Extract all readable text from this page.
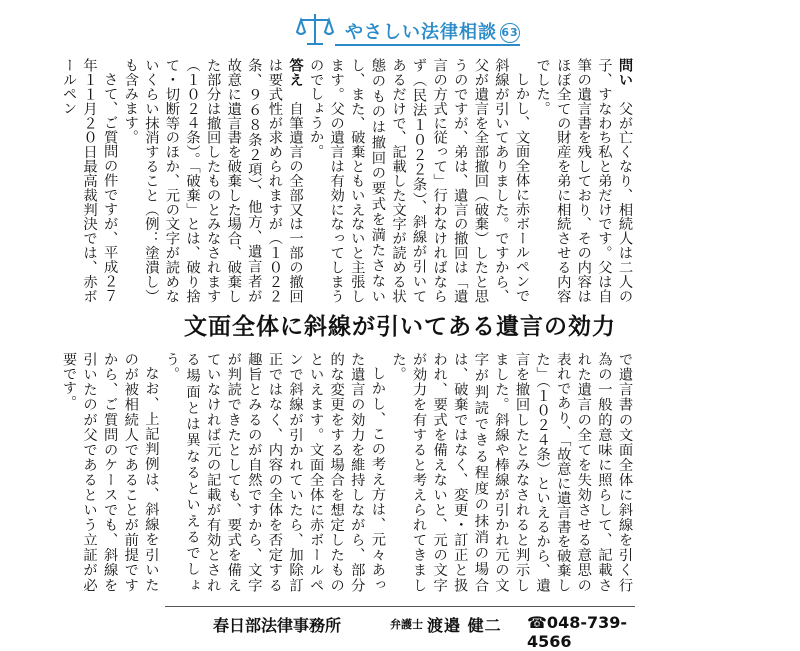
やさしい法律相談 63

問い　父が亡くなり、相続人は二人の子、すなわち私と弟だけです。父は自筆の遺言書を残しており、その内容はほぼ全ての財産を弟に相続させる内容でした。

しかし、文面全体に赤ボールペンで斜線が引いてありました。ですから、父が遺言を全部撤回（破棄）したと思うのですが、弟は、遺言の撤回は「遺言の方式に従って」行わなければならず（民法１０２２条）、斜線が引いてあるだけで、記載した文字が読める状態のものは撤回の要式を満たさないし、また、破棄ともいえないと主張します。父の遺言は有効になってしまうのでしょうか。

答え　自筆遺言の全部又は一部の撤回は要式性が求められますが（１０２２条、９６８条２項）、他方、遺言者が故意に遺言書を破棄した場合、破棄した部分は撤回したものとみなされます（１０２４条）。「破棄」とは、破り捨て・切断等のほか、元の文字が読めないくらい抹消すること（例：塗潰し）も含みます。

さて、ご質問の件ですが、平成２７年１１月２０日最高裁判決では、赤ボールペン

文面全体に斜線が引いてある遺言の効力

で遺言書の文面全体に斜線を引く行為の一般的意味に照らして、記載された遺言の全てを失効させる意思の表れであり、「故意に遺言書を破棄した」（１０２４条）といえるから、遺言を撤回したとみなされると判示しました。斜線や棒線が引かれ元の文字が判読できる程度の抹消の場合は、破棄ではなく、変更・訂正と扱われ、要式を備えないと、元の文字が効力を有すると考えられてきました。

しかし、この考え方は、元々あった遺言の効力を維持しながら、部分的な変更をする場合を想定したものといえます。文面全体に赤ボールペンで斜線が引かれていたら、加除訂正ではなく、内容の全体を否定する趣旨とみるのが自然ですから、文字が判読できたとしても、要式を備えていなければ元の記載が有効とされる場面とは異なるといえるでしょう。

なお、上記判例は、斜線を引いたのが被相続人であることが前提ですから、ご質問のケースでも、斜線を引いたのが父であるという立証が必要です。

春日部法律事務所	弁護士 渡邉 健二 ☎048-739-4566
